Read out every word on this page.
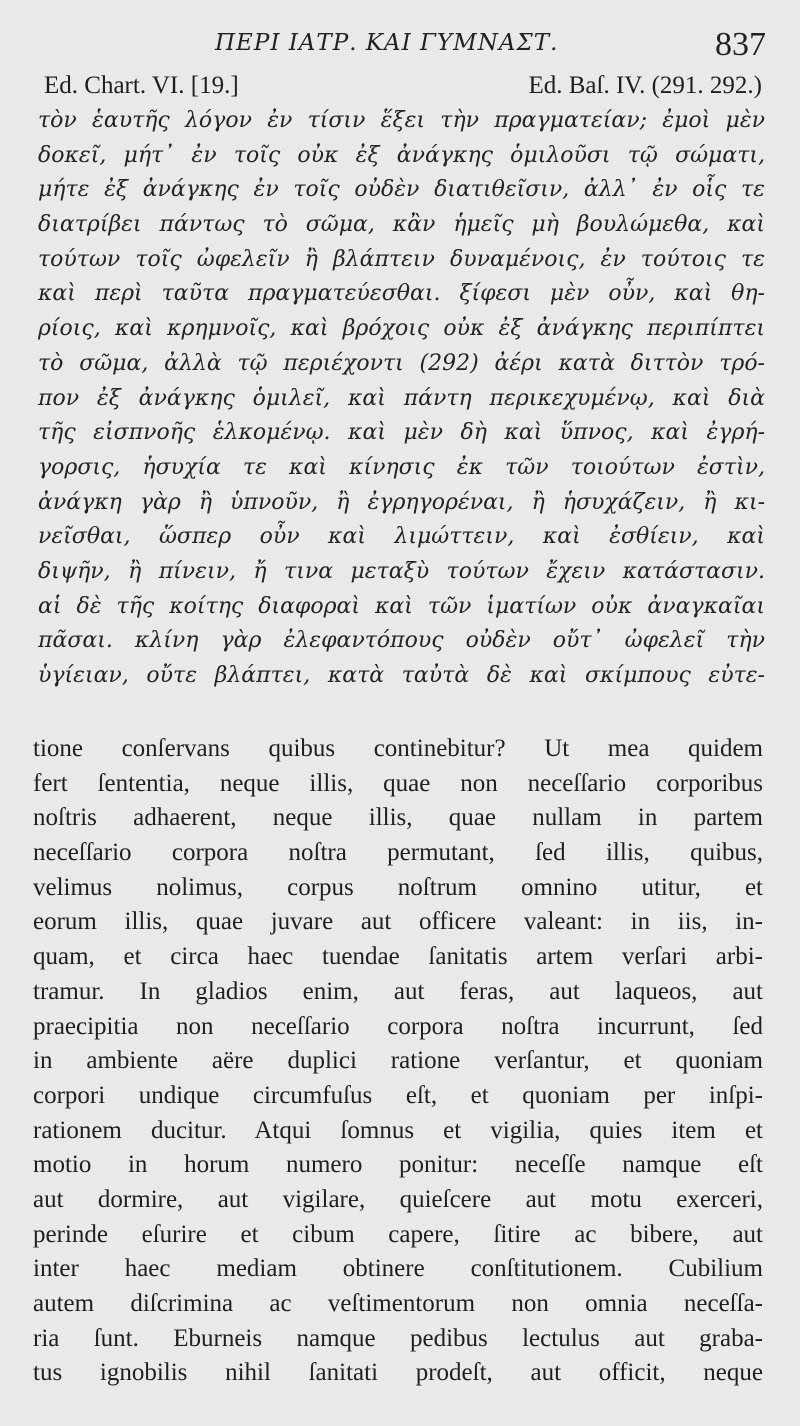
ΠΕΡΙ ΙΑΤΡ. ΚΑΙ ΓΥΜΝΑΣΤ.	837
Ed. Chart. VI. [19.]	Ed. Baſ. IV. (291. 292.)
τὸν ἑαυτῆς λόγον ἐν τίσιν ἕξει τὴν πραγματείαν; ἐμοὶ μὲν
δοκεῖ, μήτ᾽ ἐν τοῖς οὐκ ἐξ ἀνάγκης ὁμιλοῦσι τῷ σώματι,
μήτε ἐξ ἀνάγκης ἐν τοῖς οὐδὲν διατιθεῖσιν, ἀλλ᾽ ἐν οἷς τε
διατρίβει πάντως τὸ σῶμα, κἂν ἡμεῖς μὴ βουλώμεθα, καὶ
τούτων τοῖς ὠφελεῖν ἢ βλάπτειν δυναμένοις, ἐν τούτοις τε
καὶ περὶ ταῦτα πραγματεύεσθαι. ξίφεσι μὲν οὖν, καὶ θη-
ρίοις, καὶ κρημνοῖς, καὶ βρόχοις οὐκ ἐξ ἀνάγκης περιπίπτει
τὸ σῶμα, ἀλλὰ τῷ περιέχοντι (292) ἀέρι κατὰ διττὸν τρό-
πον ἐξ ἀνάγκης ὁμιλεῖ, καὶ πάντη περικεχυμένῳ, καὶ διὰ
τῆς εἰσπνοῆς ἑλκομένῳ. καὶ μὲν δὴ καὶ ὕπνος, καὶ ἐγρή-
γορσις, ἡσυχία τε καὶ κίνησις ἐκ τῶν τοιούτων ἐστὶν,
ἀνάγκη γὰρ ἢ ὑπνοῦν, ἢ ἐγρηγορέναι, ἢ ἡσυχάζειν, ἢ κι-
νεῖσθαι, ὥσπερ οὖν καὶ λιμώττειν, καὶ ἐσθίειν, καὶ
διψῆν, ἢ πίνειν, ἤ τινα μεταξὺ τούτων ἔχειν κατάστασιν.
αἱ δὲ τῆς κοίτης διαφοραὶ καὶ τῶν ἱματίων οὐκ ἀναγκαῖαι
πᾶσαι. κλίνη γὰρ ἐλεφαντόπους οὐδὲν οὔτ᾽ ὠφελεῖ τὴν
ὑγίειαν, οὔτε βλάπτει, κατὰ ταὐτὰ δὲ καὶ σκίμπους εὐτε-
tione conſervans quibus continebitur? Ut mea quidem
fert ſententia, neque illis, quae non neceſſario corporibus
noſtris adhaerent, neque illis, quae nullam in partem
neceſſario corpora noſtra permutant, ſed illis, quibus,
velimus nolimus, corpus noſtrum omnino utitur, et
eorum illis, quae juvare aut officere valeant: in iis, in-
quam, et circa haec tuendae ſanitatis artem verſari arbi-
tramur. In gladios enim, aut feras, aut laqueos, aut
praecipitia non neceſſario corpora noſtra incurrunt, ſed
in ambiente aëre duplici ratione verſantur, et quoniam
corpori undique circumfuſus eſt, et quoniam per inſpi-
rationem ducitur. Atqui ſomnus et vigilia, quies item et
motio in horum numero ponitur: neceſſe namque eſt
aut dormire, aut vigilare, quieſcere aut motu exerceri,
perinde eſurire et cibum capere, ſitire ac bibere, aut
inter haec mediam obtinere conſtitutionem. Cubilium
autem diſcrimina ac veſtimentorum non omnia neceſſa-
ria ſunt. Eburneis namque pedibus lectulus aut graba-
tus ignobilis nihil ſanitati prodeſt, aut officit, neque
